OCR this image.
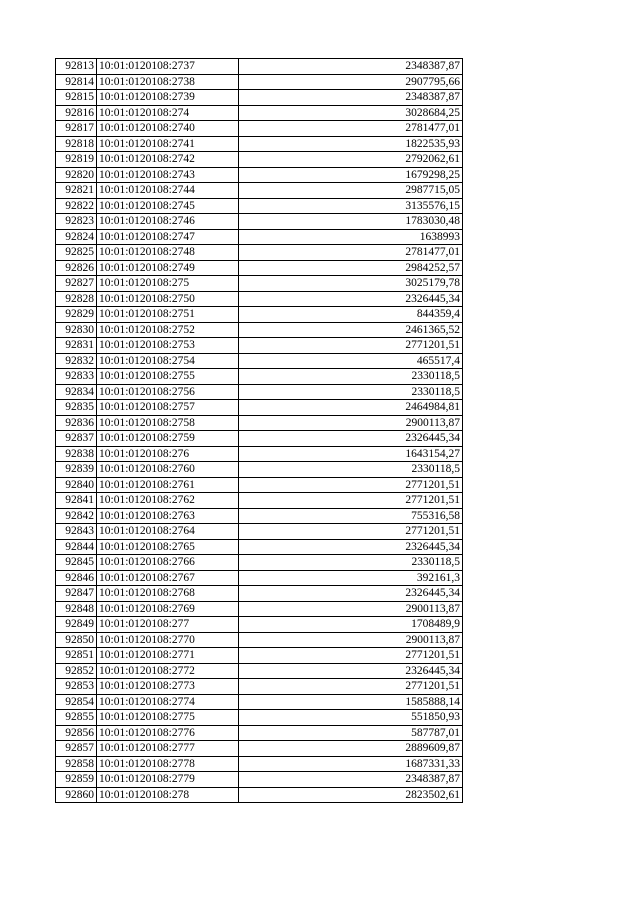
92813	10:01:0120108:2737	2348387,87
92814	10:01:0120108:2738	2907795,66
92815	10:01:0120108:2739	2348387,87
92816	10:01:0120108:274	3028684,25
92817	10:01:0120108:2740	2781477,01
92818	10:01:0120108:2741	1822535,93
92819	10:01:0120108:2742	2792062,61
92820	10:01:0120108:2743	1679298,25
92821	10:01:0120108:2744	2987715,05
92822	10:01:0120108:2745	3135576,15
92823	10:01:0120108:2746	1783030,48
92824	10:01:0120108:2747	1638993
92825	10:01:0120108:2748	2781477,01
92826	10:01:0120108:2749	2984252,57
92827	10:01:0120108:275	3025179,78
92828	10:01:0120108:2750	2326445,34
92829	10:01:0120108:2751	844359,4
92830	10:01:0120108:2752	2461365,52
92831	10:01:0120108:2753	2771201,51
92832	10:01:0120108:2754	465517,4
92833	10:01:0120108:2755	2330118,5
92834	10:01:0120108:2756	2330118,5
92835	10:01:0120108:2757	2464984,81
92836	10:01:0120108:2758	2900113,87
92837	10:01:0120108:2759	2326445,34
92838	10:01:0120108:276	1643154,27
92839	10:01:0120108:2760	2330118,5
92840	10:01:0120108:2761	2771201,51
92841	10:01:0120108:2762	2771201,51
92842	10:01:0120108:2763	755316,58
92843	10:01:0120108:2764	2771201,51
92844	10:01:0120108:2765	2326445,34
92845	10:01:0120108:2766	2330118,5
92846	10:01:0120108:2767	392161,3
92847	10:01:0120108:2768	2326445,34
92848	10:01:0120108:2769	2900113,87
92849	10:01:0120108:277	1708489,9
92850	10:01:0120108:2770	2900113,87
92851	10:01:0120108:2771	2771201,51
92852	10:01:0120108:2772	2326445,34
92853	10:01:0120108:2773	2771201,51
92854	10:01:0120108:2774	1585888,14
92855	10:01:0120108:2775	551850,93
92856	10:01:0120108:2776	587787,01
92857	10:01:0120108:2777	2889609,87
92858	10:01:0120108:2778	1687331,33
92859	10:01:0120108:2779	2348387,87
92860	10:01:0120108:278	2823502,61
